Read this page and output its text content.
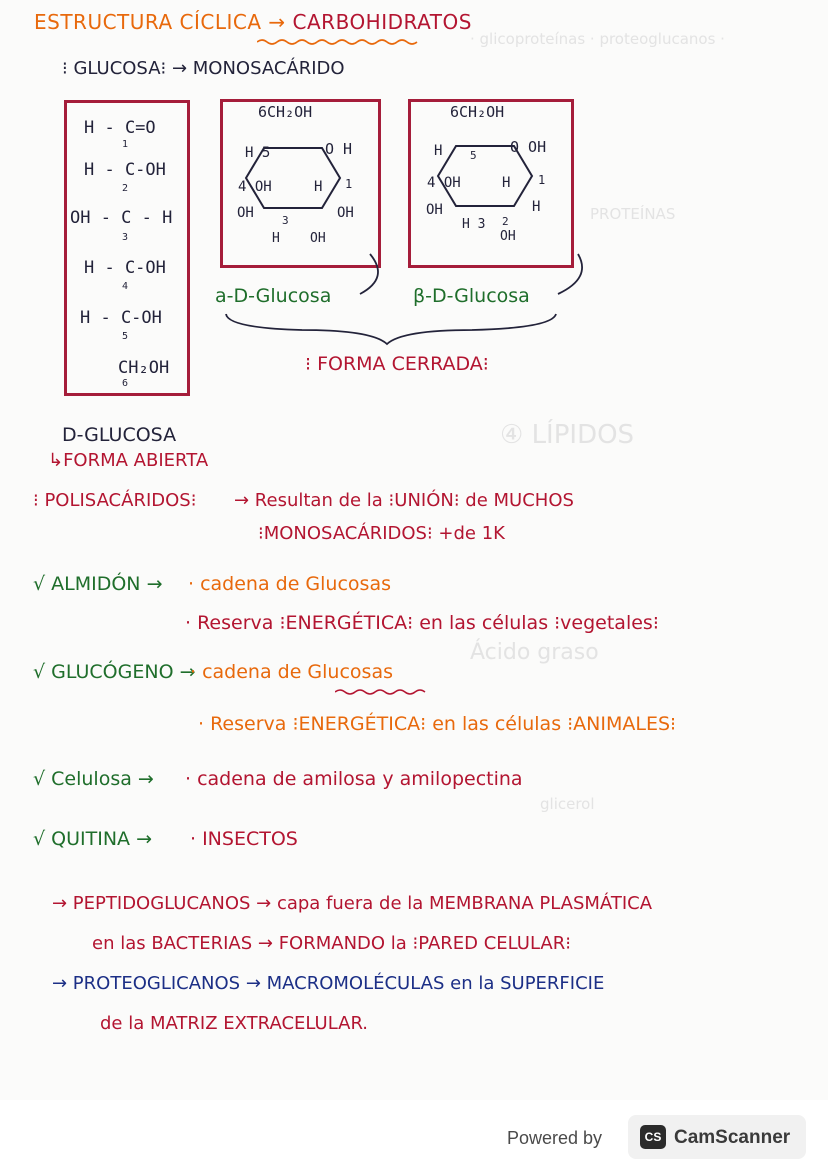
· glicoproteínas · proteoglucanos ·
PROTEÍNAS
④ LÍPIDOS
Ácido graso
glicerol
ESTRUCTURA CÍCLICA → CARBOHIDRATOS
⁝ GLUCOSA⁝ → MONOSACÁRIDO
H - C=O
1
H - C-OH
2
OH - C - H
3
H - C-OH
4
H - C-OH
5
CH₂OH
6
6CH₂OH
H 5	O H
4 OH	H 1
OH	3	OH
H OH
6CH₂OH
H	5 O OH
4 OH	H 1
OH	H
H 3 2
OH
a-D-Glucosa	β-D-Glucosa
⁝ FORMA CERRADA⁝
D-GLUCOSA
↳FORMA ABIERTA
⁝ POLISACÁRIDOS⁝ → Resultan de la ⁝UNIÓN⁝ de MUCHOS
⁝MONOSACÁRIDOS⁝ +de 1K
√ ALMIDÓN → · cadena de Glucosas
· Reserva ⁝ENERGÉTICA⁝ en las células ⁝vegetales⁝
√ GLUCÓGENO →
· cadena de Glucosas
· Reserva ⁝ENERGÉTICA⁝ en las células ⁝ANIMALES⁝
√ Celulosa → · cadena de amilosa y amilopectina
√ QUITINA → · INSECTOS
→ PEPTIDOGLUCANOS → capa fuera de la MEMBRANA PLASMÁTICA
en las BACTERIAS → FORMANDO la ⁝PARED CELULAR⁝
→ PROTEOGLICANOS → MACROMOLÉCULAS en la SUPERFICIE
de la MATRIZ EXTRACELULAR.
Powered by	CS CamScanner
